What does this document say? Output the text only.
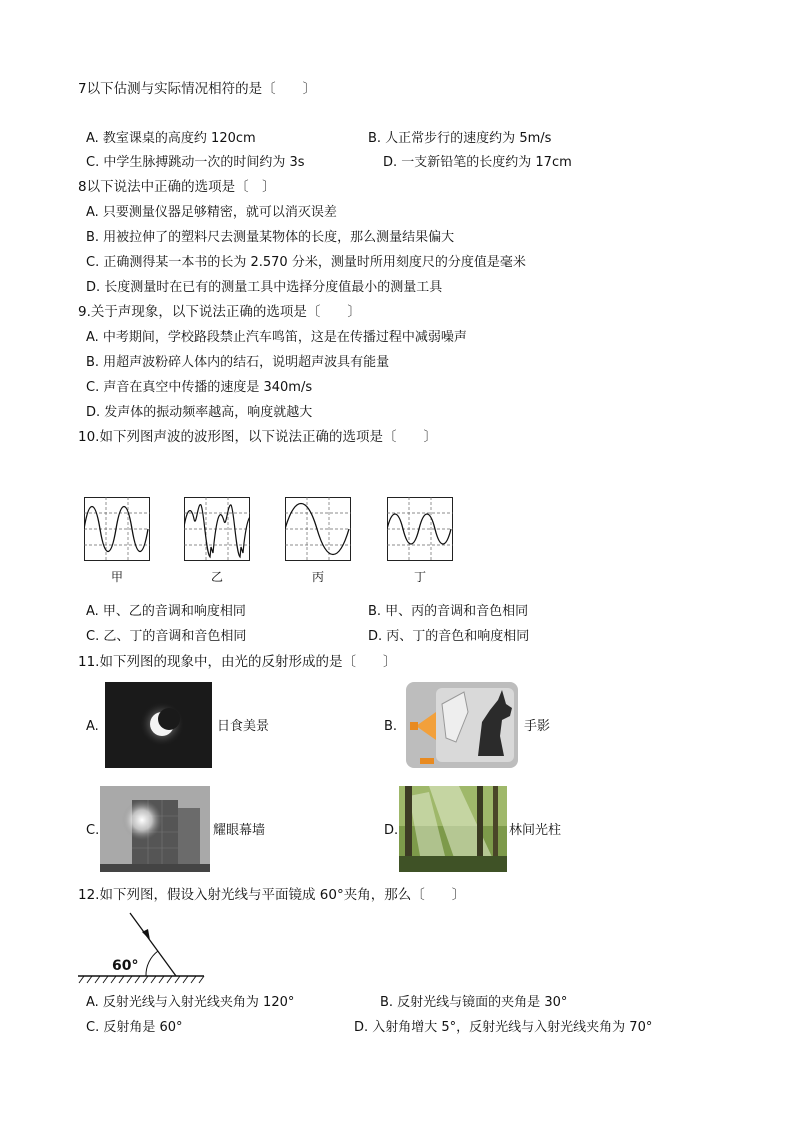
7以下估测与实际情况相符的是〔　　〕
A. 教室课桌的高度约 120cm	B. 人正常步行的速度约为 5m/s
C. 中学生脉搏跳动一次的时间约为 3s	D. 一支新铅笔的长度约为 17cm
8以下说法中正确的选项是〔　〕
A. 只要测量仪器足够精密，就可以消灭误差
B. 用被拉伸了的塑料尺去测量某物体的长度，那么测量结果偏大
C. 正确测得某一本书的长为 2.570 分米，测量时所用刻度尺的分度值是毫米
D. 长度测量时在已有的测量工具中选择分度值最小的测量工具
9.关于声现象，以下说法正确的选项是〔　　〕
A. 中考期间，学校路段禁止汽车鸣笛，这是在传播过程中减弱噪声
B. 用超声波粉碎人体内的结石，说明超声波具有能量
C. 声音在真空中传播的速度是 340m/s
D. 发声体的振动频率越高，响度就越大
10.如下列图声波的波形图，以下说法正确的选项是〔　　〕
甲	乙	丙	丁
A. 甲、乙的音调和响度相同	B. 甲、丙的音调和音色相同
C. 乙、丁的音调和音色相同	D. 丙、丁的音色和响度相同
11.如下列图的现象中，由光的反射形成的是〔　　〕
A.	日食美景	B.	手影
C.	耀眼幕墙	D.	林间光柱
12.如下列图，假设入射光线与平面镜成 60°夹角，那么〔　　〕
60°
A. 反射光线与入射光线夹角为 120°	B. 反射光线与镜面的夹角是 30°
C. 反射角是 60°	D. 入射角增大 5°，反射光线与入射光线夹角为 70°
